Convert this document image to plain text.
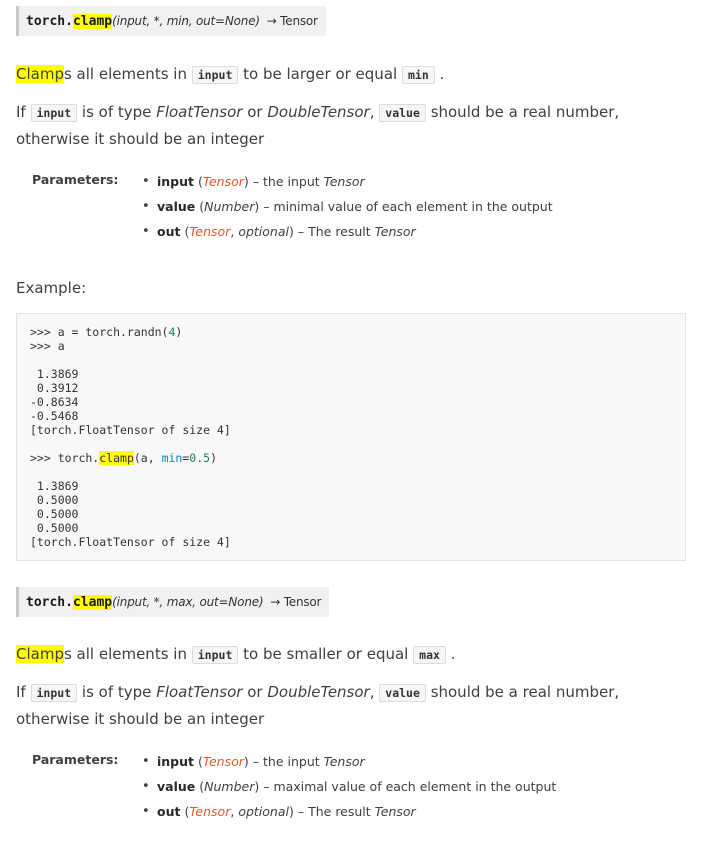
torch. clamp (input, *, min, out=None)
→ Tensor

Clamps all elements in input to be larger or equal min .

If input is of type FloatTensor or DoubleTensor, value should be a real number, otherwise it should be an integer

Parameters:	• input (Tensor) – the input Tensor
• value (Number) – minimal value of each element in the output
• out (Tensor, optional) – The result Tensor
Example:
>>> a = torch.randn(4)
>>> a
1.3869
0.3912
-0.8634
-0.5468
[torch.FloatTensor of size 4]
>>> torch.clamp(a, min=0.5)
1.3869
0.5000
0.5000
0.5000
[torch.FloatTensor of size 4]
torch. clamp (input, *, max, out=None)
→ Tensor

Clamps all elements in input to be smaller or equal max .

If input is of type FloatTensor or DoubleTensor, value should be a real number, otherwise it should be an integer

Parameters:	• input (Tensor) – the input Tensor
• value (Number) – maximal value of each element in the output
• out (Tensor, optional) – The result Tensor
